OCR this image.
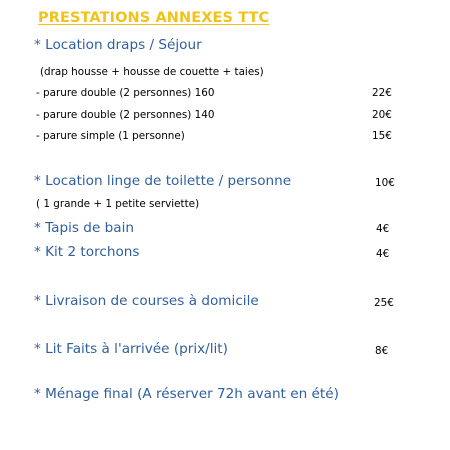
PRESTATIONS ANNEXES TTC
* Location draps / Séjour
(drap housse + housse de couette + taies)
- parure double (2 personnes) 160	22€
- parure double (2 personnes) 140	20€
- parure simple (1 personne)	15€
* Location linge de toilette / personne	10€
( 1 grande + 1 petite serviette)
* Tapis de bain	4€
* Kit 2 torchons	4€
* Livraison de courses à domicile	25€
* Lit Faits à l'arrivée (prix/lit)	8€
* Ménage final (A réserver 72h avant en été)
